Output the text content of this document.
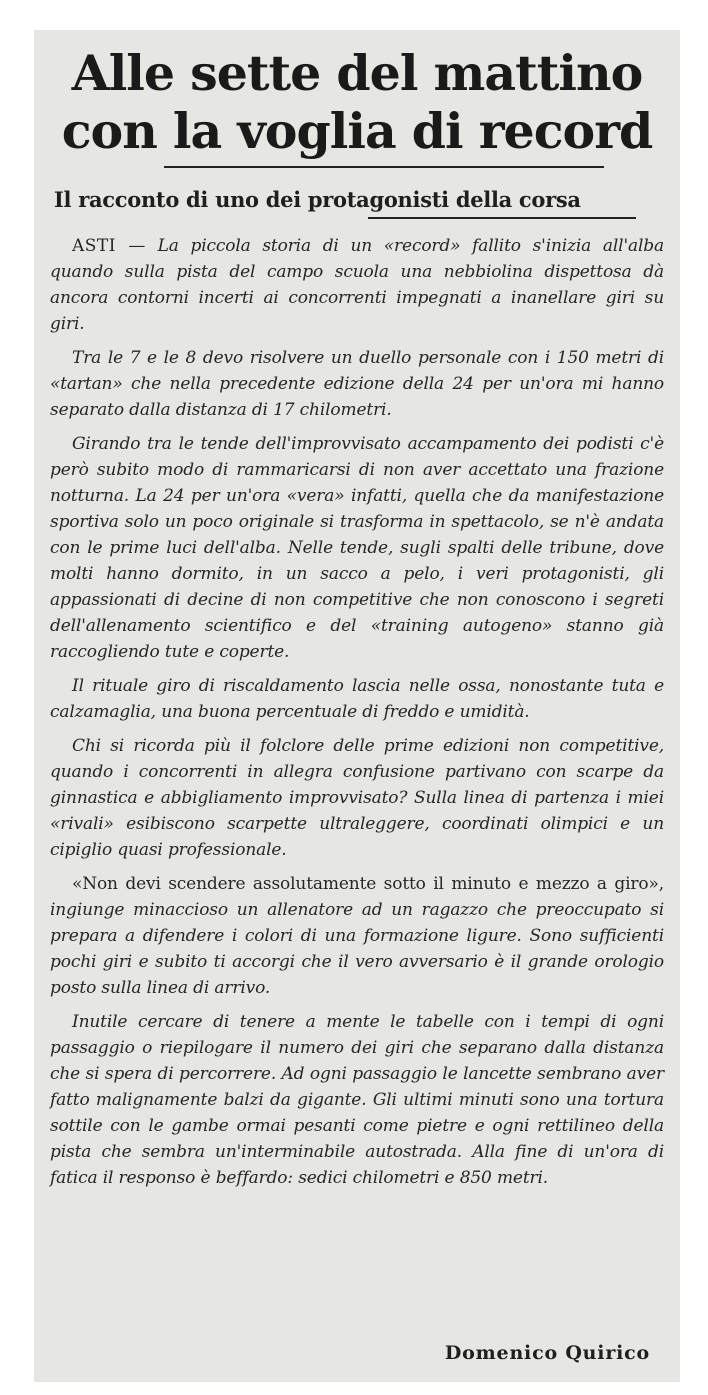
Alle sette del mattino
con la voglia di record
Il racconto di uno dei protagonisti della corsa

ASTI — La piccola storia di un «record» fallito s'inizia all'alba quando sulla pista del campo scuola una nebbiolina dispettosa dà ancora contorni incerti ai concorrenti impegnati a inanellare giri su giri.

Tra le 7 e le 8 devo risolvere un duello personale con i 150 metri di «tartan» che nella precedente edizione della 24 per un'ora mi hanno separato dalla distanza di 17 chilometri.

Girando tra le tende dell'improvvisato accampamento dei podisti c'è però subito modo di rammaricarsi di non aver accettato una frazione notturna. La 24 per un'ora «vera» infatti, quella che da manifestazione sportiva solo un poco originale si trasforma in spettacolo, se n'è andata con le prime luci dell'alba. Nelle tende, sugli spalti delle tribune, dove molti hanno dormito, in un sacco a pelo, i veri protagonisti, gli appassionati di decine di non competitive che non conoscono i segreti dell'allenamento scientifico e del «training autogeno» stanno già raccogliendo tute e coperte.

Il rituale giro di riscaldamento lascia nelle ossa, nonostante tuta e calzamaglia, una buona percentuale di freddo e umidità.

Chi si ricorda più il folclore delle prime edizioni non competitive, quando i concorrenti in allegra confusione partivano con scarpe da ginnastica e abbigliamento improvvisato? Sulla linea di partenza i miei «rivali» esibiscono scarpette ultraleggere, coordinati olimpici e un cipiglio quasi professionale.

«Non devi scendere assolutamente sotto il minuto e mezzo a giro», ingiunge minaccioso un allenatore ad un ragazzo che preoccupato si prepara a difendere i colori di una formazione ligure. Sono sufficienti pochi giri e subito ti accorgi che il vero avversario è il grande orologio posto sulla linea di arrivo.

Inutile cercare di tenere a mente le tabelle con i tempi di ogni passaggio o riepilogare il numero dei giri che separano dalla distanza che si spera di percorrere. Ad ogni passaggio le lancette sembrano aver fatto malignamente balzi da gigante. Gli ultimi minuti sono una tortura sottile con le gambe ormai pesanti come pietre e ogni rettilineo della pista che sembra un'interminabile autostrada. Alla fine di un'ora di fatica il responso è beffardo: sedici chilometri e 850 metri.

Domenico Quirico
